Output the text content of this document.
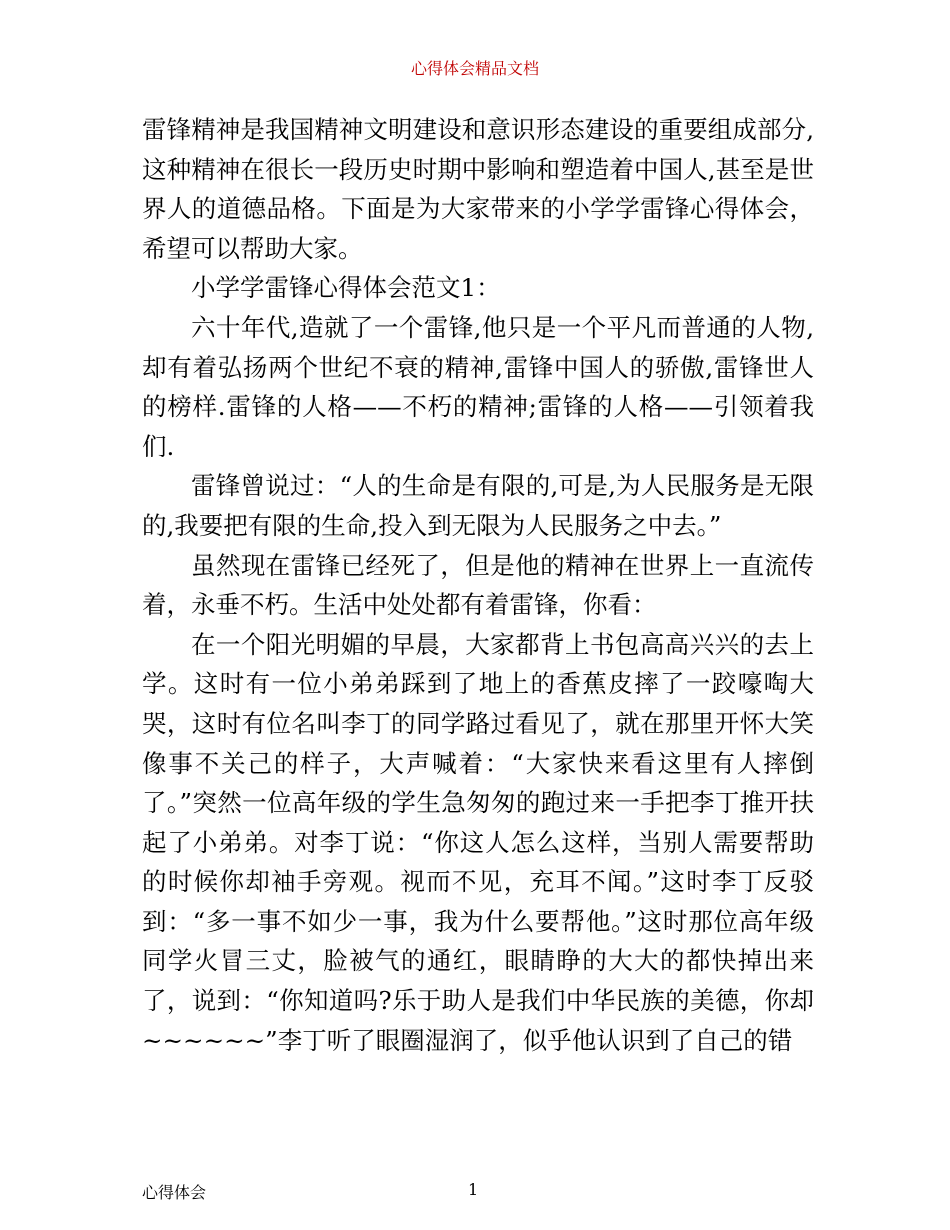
心得体会精品文档

雷锋精神是我国精神文明建设和意识形态建设的重要组成部分,这种精神在很长一段历史时期中影响和塑造着中国人,甚至是世界人的道德品格。下面是为大家带来的小学学雷锋心得体会，希望可以帮助大家。

小学学雷锋心得体会范文1：

六十年代,造就了一个雷锋,他只是一个平凡而普通的人物,却有着弘扬两个世纪不衰的精神,雷锋中国人的骄傲,雷锋世人的榜样.雷锋的人格——不朽的精神;雷锋的人格——引领着我们.

雷锋曾说过：“人的生命是有限的,可是,为人民服务是无限的,我要把有限的生命,投入到无限为人民服务之中去。”

虽然现在雷锋已经死了，但是他的精神在世界上一直流传着，永垂不朽。生活中处处都有着雷锋，你看：

在一个阳光明媚的早晨，大家都背上书包高高兴兴的去上学。这时有一位小弟弟踩到了地上的香蕉皮摔了一跤嚎啕大哭，这时有位名叫李丁的同学路过看见了，就在那里开怀大笑像事不关己的样子，大声喊着：“大家快来看这里有人摔倒了。”突然一位高年级的学生急匆匆的跑过来一手把李丁推开扶起了小弟弟。对李丁说：“你这人怎么这样，当别人需要帮助的时候你却袖手旁观。视而不见，充耳不闻。”这时李丁反驳到：“多一事不如少一事，我为什么要帮他。”这时那位高年级同学火冒三丈，脸被气的通红，眼睛睁的大大的都快掉出来了，说到：“你知道吗?乐于助人是我们中华民族的美德，你却~~~~~~”李丁听了眼圈湿润了，似乎他认识到了自己的错

心得体会	1
